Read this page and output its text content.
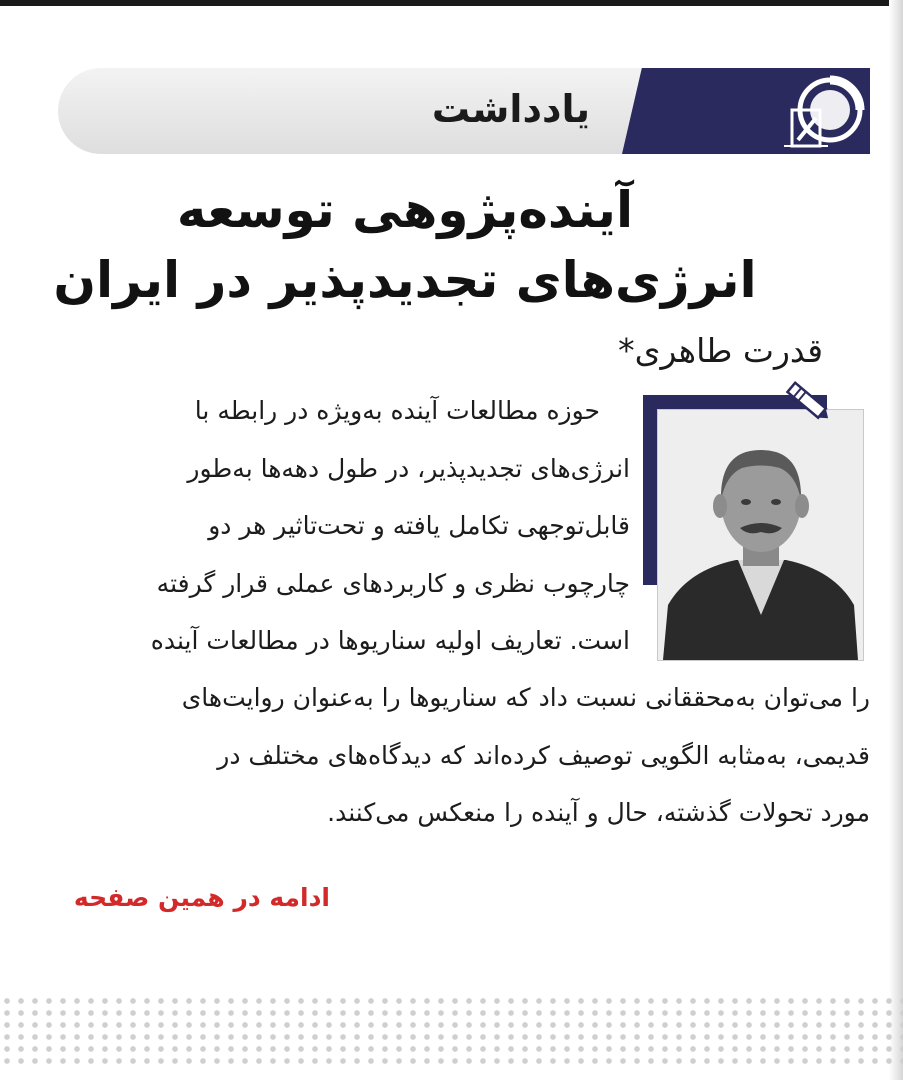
یادداشت
آینده‌پژوهی توسعه
انرژی‌های تجدیدپذیر در ایران
قدرت طاهری*
حوزه مطالعات آینده به‌ویژه در رابطه با
انرژی‌های تجدیدپذیر، در طول دهه‌ها به‌طور
قابل‌توجهی تکامل یافته و تحت‌تاثیر هر دو
چارچوب نظری و کاربردهای عملی قرار گرفته
است. تعاریف اولیه سناریوها در مطالعات آینده
را می‌توان به‌محققانی نسبت داد که سناریوها را به‌عنوان روایت‌های
قدیمی، به‌مثابه الگویی توصیف کرده‌اند که دیدگاه‌های مختلف در
مورد تحولات گذشته، حال و آینده را منعکس می‌کنند.
ادامه در همین صفحه
